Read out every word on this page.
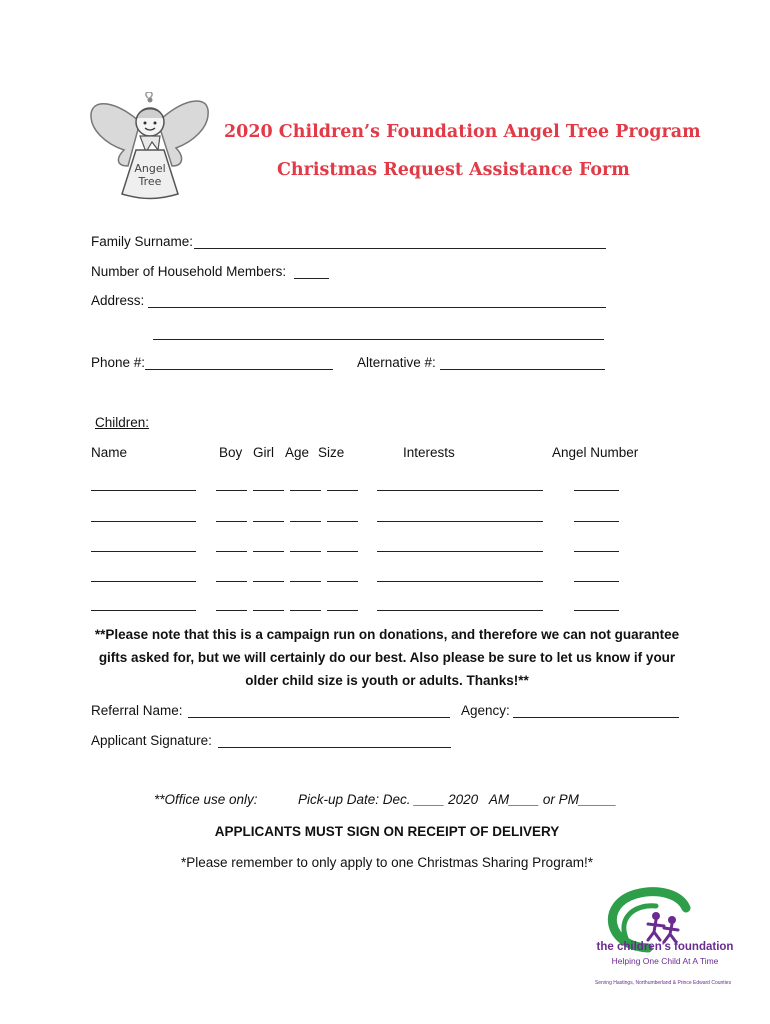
Angel
Tree
2020 Children’s Foundation Angel Tree Program
Christmas Request Assistance Form
Family Surname:
Number of Household Members:
Address:
Phone #:	Alternative #:
Children:
Name	Boy Girl Age Size	Interests	Angel Number
**Please note that this is a campaign run on donations, and therefore we can not guarantee gifts asked for, but we will certainly do our best. Also please be sure to let us know if your older child size is youth or adults. Thanks!**
Referral Name:	Agency:
Applicant Signature:
**Office use only:	Pick-up Date: Dec. ____ 2020   AM____ or PM_____
APPLICANTS MUST SIGN ON RECEIPT OF DELIVERY
*Please remember to only apply to one Christmas Sharing Program!*
the children's foundation
Helping One Child At A Time
Serving Hastings, Northumberland & Prince Edward Counties
